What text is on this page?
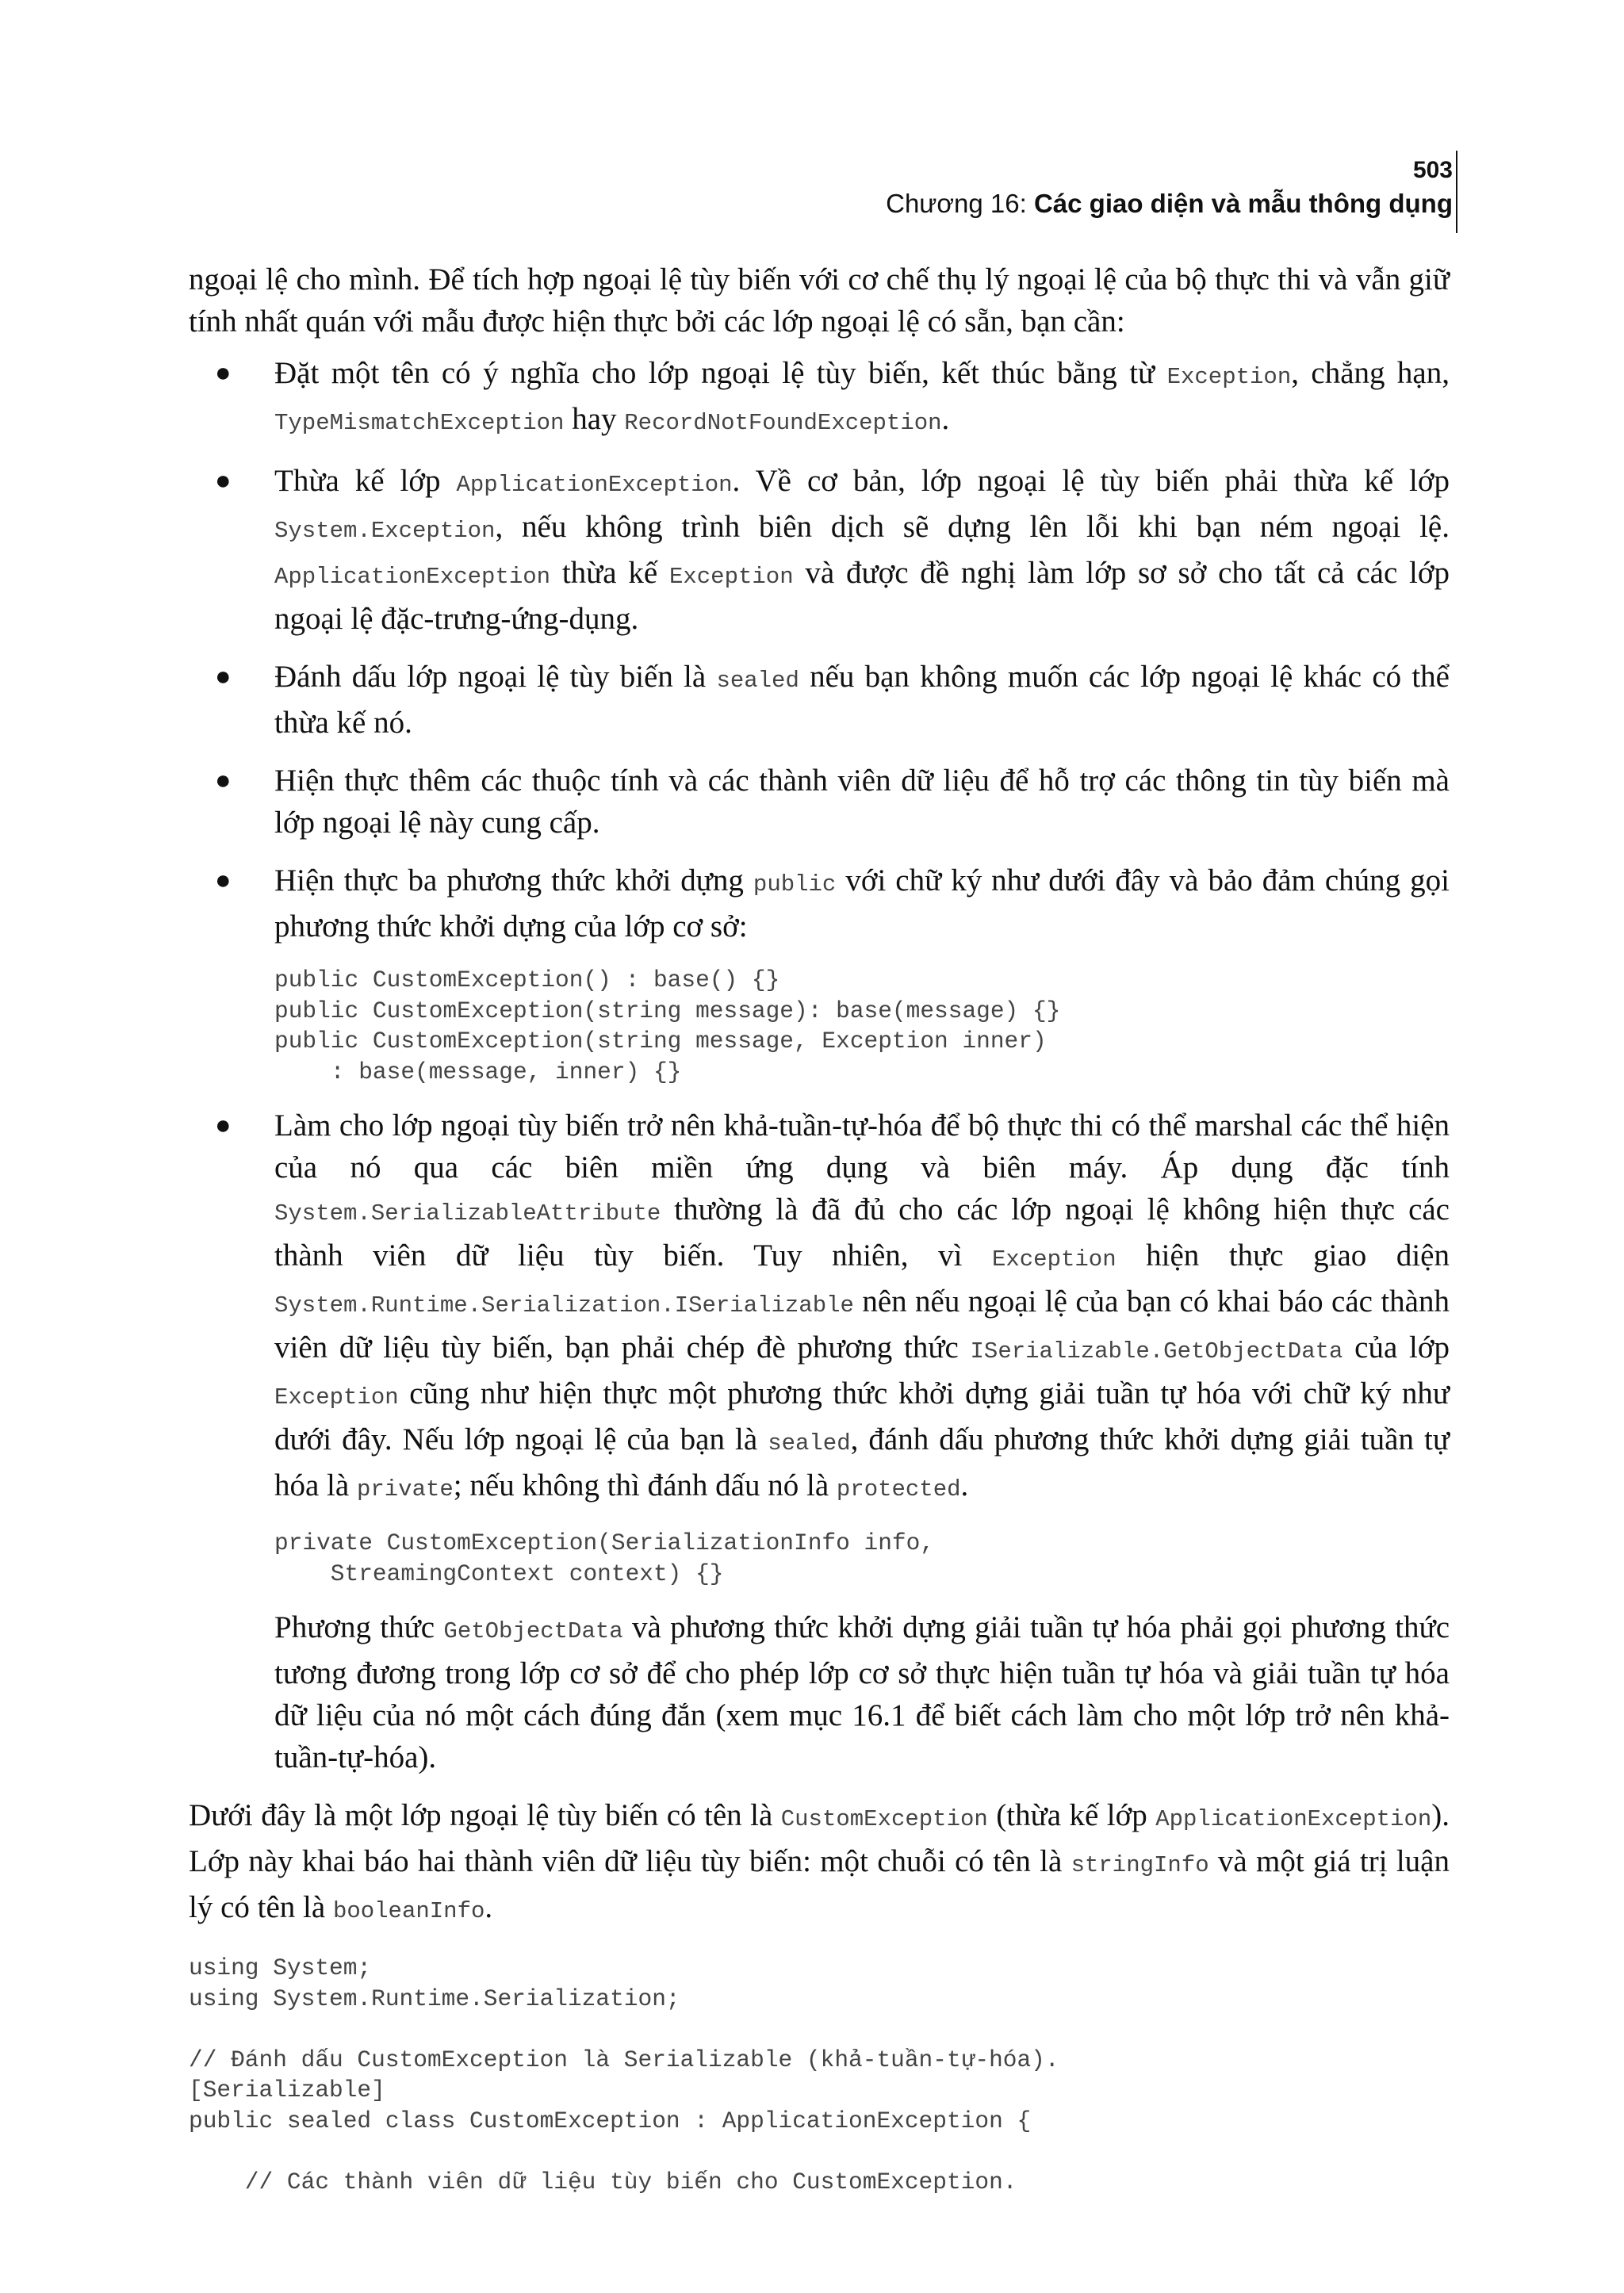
503
Chương 16: Các giao diện và mẫu thông dụng

ngoại lệ cho mình. Để tích hợp ngoại lệ tùy biến với cơ chế thụ lý ngoại lệ của bộ thực thi và vẫn giữ tính nhất quán với mẫu được hiện thực bởi các lớp ngoại lệ có sẵn, bạn cần:

● Đặt một tên có ý nghĩa cho lớp ngoại lệ tùy biến, kết thúc bằng từ Exception, chẳng hạn, TypeMismatchException hay RecordNotFoundException.

● Thừa kế lớp ApplicationException. Về cơ bản, lớp ngoại lệ tùy biến phải thừa kế lớp System.Exception, nếu không trình biên dịch sẽ dựng lên lỗi khi bạn ném ngoại lệ. ApplicationException thừa kế Exception và được đề nghị làm lớp sơ sở cho tất cả các lớp ngoại lệ đặc-trưng-ứng-dụng.

● Đánh dấu lớp ngoại lệ tùy biến là sealed nếu bạn không muốn các lớp ngoại lệ khác có thể thừa kế nó.

● Hiện thực thêm các thuộc tính và các thành viên dữ liệu để hỗ trợ các thông tin tùy biến mà lớp ngoại lệ này cung cấp.

● Hiện thực ba phương thức khởi dựng public với chữ ký như dưới đây và bảo đảm chúng gọi phương thức khởi dựng của lớp cơ sở:

public CustomException() : base() {}
public CustomException(string message): base(message) {}
public CustomException(string message, Exception inner)
: base(message, inner) {}
● Làm cho lớp ngoại tùy biến trở nên khả-tuần-tự-hóa để bộ thực thi có thể marshal các thể hiện của nó qua các biên miền ứng dụng và biên máy. Áp dụng đặc tính System.SerializableAttribute thường là đã đủ cho các lớp ngoại lệ không hiện thực các thành viên dữ liệu tùy biến. Tuy nhiên, vì Exception hiện thực giao diện System.Runtime.Serialization.ISerializable nên nếu ngoại lệ của bạn có khai báo các thành viên dữ liệu tùy biến, bạn phải chép đè phương thức ISerializable.GetObjectData của lớp Exception cũng như hiện thực một phương thức khởi dựng giải tuần tự hóa với chữ ký như dưới đây. Nếu lớp ngoại lệ của bạn là sealed, đánh dấu phương thức khởi dựng giải tuần tự hóa là private; nếu không thì đánh dấu nó là protected.

private CustomException(SerializationInfo info,
StreamingContext context) {}

Phương thức GetObjectData và phương thức khởi dựng giải tuần tự hóa phải gọi phương thức tương đương trong lớp cơ sở để cho phép lớp cơ sở thực hiện tuần tự hóa và giải tuần tự hóa dữ liệu của nó một cách đúng đắn (xem mục 16.1 để biết cách làm cho một lớp trở nên khả-tuần-tự-hóa).

Dưới đây là một lớp ngoại lệ tùy biến có tên là CustomException (thừa kế lớp ApplicationException). Lớp này khai báo hai thành viên dữ liệu tùy biến: một chuỗi có tên là stringInfo và một giá trị luận lý có tên là booleanInfo.

using System;
using System.Runtime.Serialization;

// Đánh dấu CustomException là Serializable (khả-tuần-tự-hóa).
[Serializable]
public sealed class CustomException : ApplicationException {

// Các thành viên dữ liệu tùy biến cho CustomException.
